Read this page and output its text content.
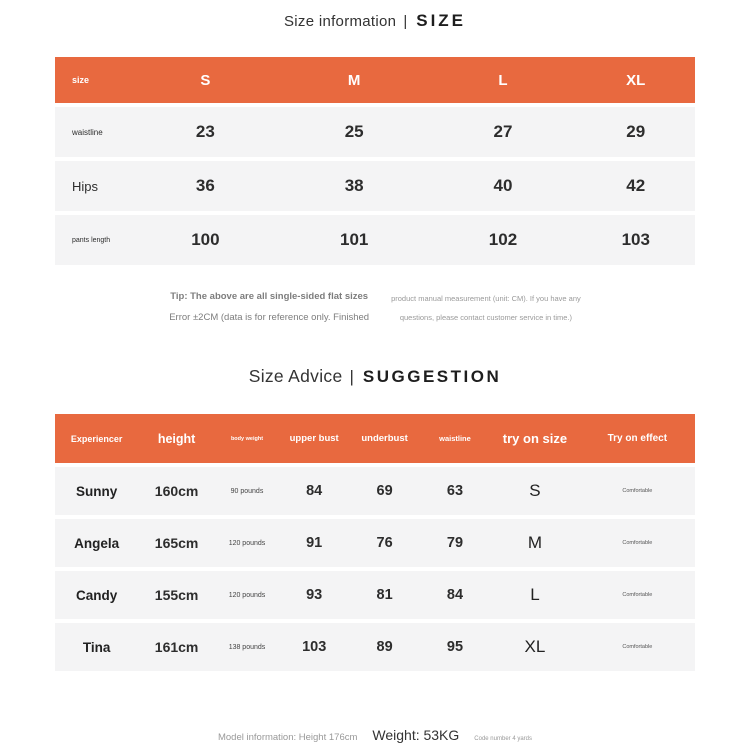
Size information | SIZE
size	S	M	L	XL
waistline	23	25	27	29
Hips	36	38	40	42
pants length	100	101	102	103
Tip: The above are all single-sided flat sizes
Error ±2CM (data is for reference only. Finished
product manual measurement (unit: CM). If you have any
questions, please contact customer service in time.)
Size Advice | SUGGESTION
Experiencer	height	body weight	upper bust	underbust	waistline	try on size	Try on effect
Sunny	160cm	90 pounds	84	69	63	S	Comfortable
Angela	165cm	120 pounds	91	76	79	M	Comfortable
Candy	155cm	120 pounds	93	81	84	L	Comfortable
Tina	161cm	138 pounds	103	89	95	XL	Comfortable
Model information: Height 176cm Weight: 53KG	Code number 4 yards
